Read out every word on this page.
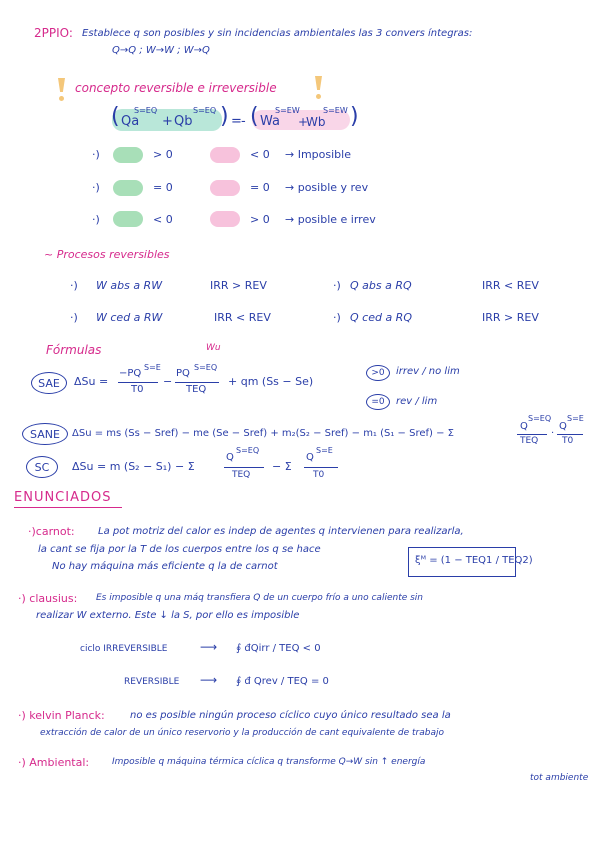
2PPIO: Establece q son posibles y sin incidencias ambientales las 3 convers íntegras:
Q→Q ; W→W ; W→Q
concepto reversible e irreversible
( Qa
S=EQ
+ Qb
S=EQ ) = - ( Wa
S=EW
+
Wb
S=EW )
·)	> 0	< 0 → Imposible
·)	= 0	= 0 → posible y rev
·)	< 0	> 0 → posible e irrev
~ Procesos reversibles
·) W abs a RW	IRR > REV	·) Q abs a RQ	IRR < REV
·) W ced a RW	IRR < REV	·) Q ced a RQ	IRR > REV
Fórmulas	Wu
SAE ΔSu =
−PQ
S=E
T0
−
PQ
S=EQ
TEQ
+ qm (Ss − Se)
>0 irrev / no lim
=0 rev / lim
SANE ΔSu = ms (Ss − Sref) − me (Se − Sref) + m₂(S₂ − Sref) − m₁ (S₁ − Sref) − Σ
Q
S=EQ
TEQ
·
Q
S=E
T0
SC ΔSu = m (S₂ − S₁) − Σ
Q
S=EQ
TEQ
− Σ
Q
S=E
T0
ENUNCIADOS
·)carnot: La pot motriz del calor es indep de agentes q intervienen para realizarla,
la cant se fija por la T de los cuerpos entre los q se hace
No hay máquina más eficiente q la de carnot
ξᴹ = (1 − TEQ1 / TEQ2)
·) clausius: Es imposible q una máq transfiera Q de un cuerpo frío a uno caliente sin
realizar W externo. Este ↓ la S, por ello es imposible
ciclo IRREVERSIBLE	⟶ ∮ đQirr / TEQ < 0
REVERSIBLE ⟶ ∮ đ Qrev / TEQ = 0
·) kelvin Planck:	no es posible ningún proceso cíclico cuyo único resultado sea la
extracción de calor de un único reservorio y la producción de cant equivalente de trabajo
·) Ambiental:	Imposible q máquina térmica cíclica q transforme Q→W sin ↑ energía
tot ambiente
